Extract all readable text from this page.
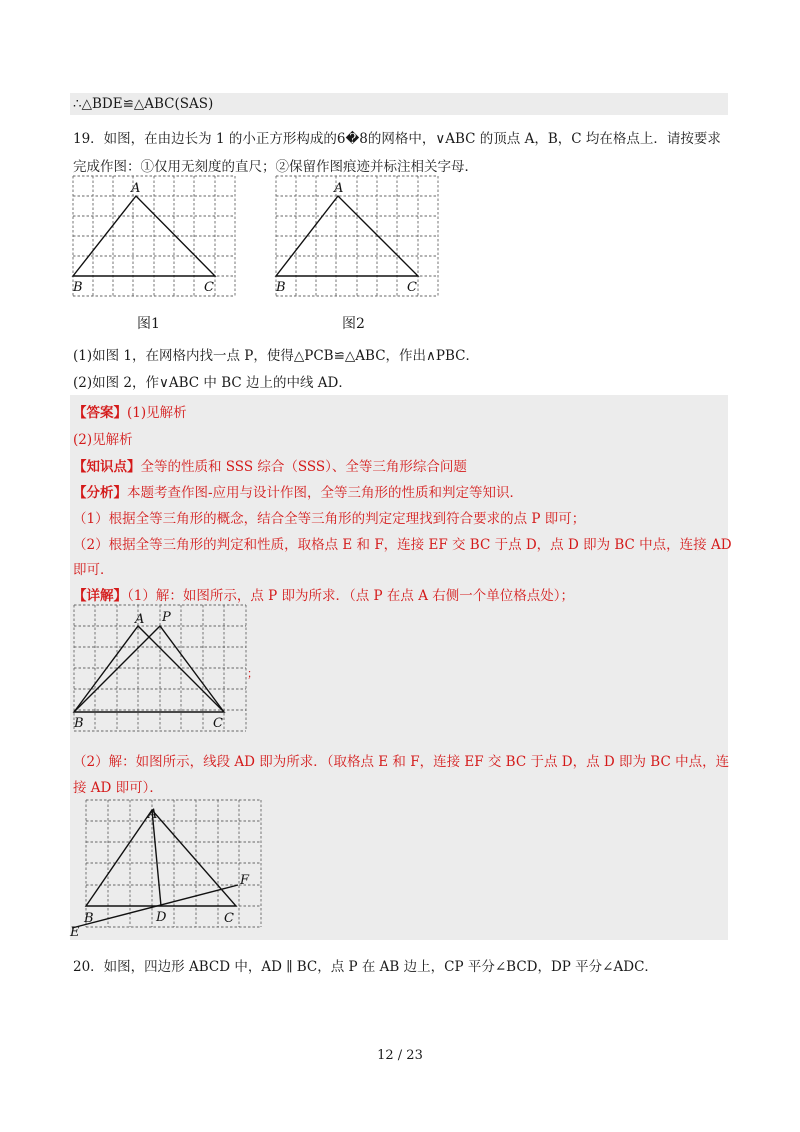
∴△BDE≌△ABC(SAS)
19．如图，在由边长为 1 的小正方形构成的6�8的网格中，∨ABC 的顶点 A，B，C 均在格点上．请按要求
完成作图：①仅用无刻度的直尺；②保留作图痕迹并标注相关字母．
A
B	C
图1
A
B	C
图2
(1)如图 1，在网格内找一点 P，使得△PCB≌△ABC，作出∧PBC．
(2)如图 2，作∨ABC 中 BC 边上的中线 AD．
【答案】(1)见解析
(2)见解析
【知识点】全等的性质和 SSS 综合（SSS）、全等三角形综合问题
【分析】本题考查作图-应用与设计作图，全等三角形的性质和判定等知识．
（1）根据全等三角形的概念，结合全等三角形的判定定理找到符合要求的点 P 即可；
（2）根据全等三角形的判定和性质，取格点 E 和 F，连接 EF 交 BC 于点 D，点 D 即为 BC 中点，连接 AD
即可．
【详解】（1）解：如图所示，点 P 即为所求．（点 P 在点 A 右侧一个单位格点处）；
A P
B	C
；
（2）解：如图所示，线段 AD 即为所求．（取格点 E 和 F，连接 EF 交 BC 于点 D，点 D 即为 BC 中点，连
接 AD 即可）．
A
B	C
D
E
F
20．如图，四边形 ABCD 中，AD ∥ BC，点 P 在 AB 边上，CP 平分∠BCD，DP 平分∠ADC．
12 / 23
